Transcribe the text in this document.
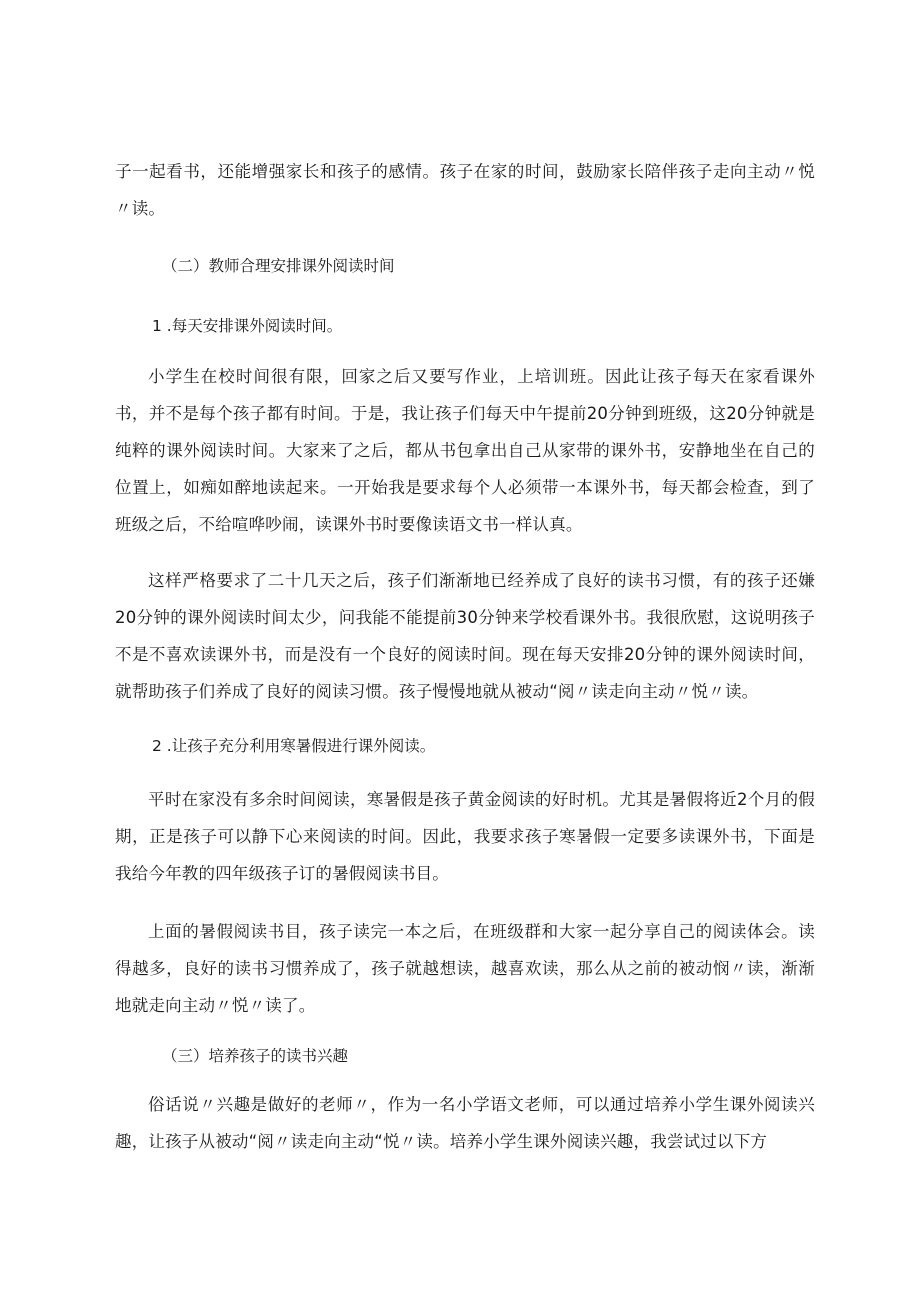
子一起看书，还能增强家长和孩子的感情。孩子在家的时间，鼓励家长陪伴孩子走向主动〃悦〃读。

（二）教师合理安排课外阅读时间

1 .每天安排课外阅读时间。

小学生在校时间很有限，回家之后又要写作业，上培训班。因此让孩子每天在家看课外书，并不是每个孩子都有时间。于是，我让孩子们每天中午提前20分钟到班级，这20分钟就是纯粹的课外阅读时间。大家来了之后，都从书包拿出自己从家带的课外书，安静地坐在自己的位置上，如痴如醉地读起来。一开始我是要求每个人必须带一本课外书，每天都会检查，到了班级之后，不给喧哗吵闹，读课外书时要像读语文书一样认真。

这样严格要求了二十几天之后，孩子们渐渐地已经养成了良好的读书习惯，有的孩子还嫌20分钟的课外阅读时间太少，问我能不能提前30分钟来学校看课外书。我很欣慰，这说明孩子不是不喜欢读课外书，而是没有一个良好的阅读时间。现在每天安排20分钟的课外阅读时间，就帮助孩子们养成了良好的阅读习惯。孩子慢慢地就从被动“阅〃读走向主动〃悦〃读。

2 .让孩子充分利用寒暑假进行课外阅读。

平时在家没有多余时间阅读，寒暑假是孩子黄金阅读的好时机。尤其是暑假将近2个月的假期，正是孩子可以静下心来阅读的时间。因此，我要求孩子寒暑假一定要多读课外书，下面是我给今年教的四年级孩子订的暑假阅读书目。

上面的暑假阅读书目，孩子读完一本之后，在班级群和大家一起分享自己的阅读体会。读得越多，良好的读书习惯养成了，孩子就越想读，越喜欢读，那么从之前的被动悯〃读，渐渐地就走向主动〃悦〃读了。

（三）培养孩子的读书兴趣

俗话说〃兴趣是做好的老师〃，作为一名小学语文老师，可以通过培养小学生课外阅读兴趣，让孩子从被动“阅〃读走向主动“悦〃读。培养小学生课外阅读兴趣，我尝试过以下方
